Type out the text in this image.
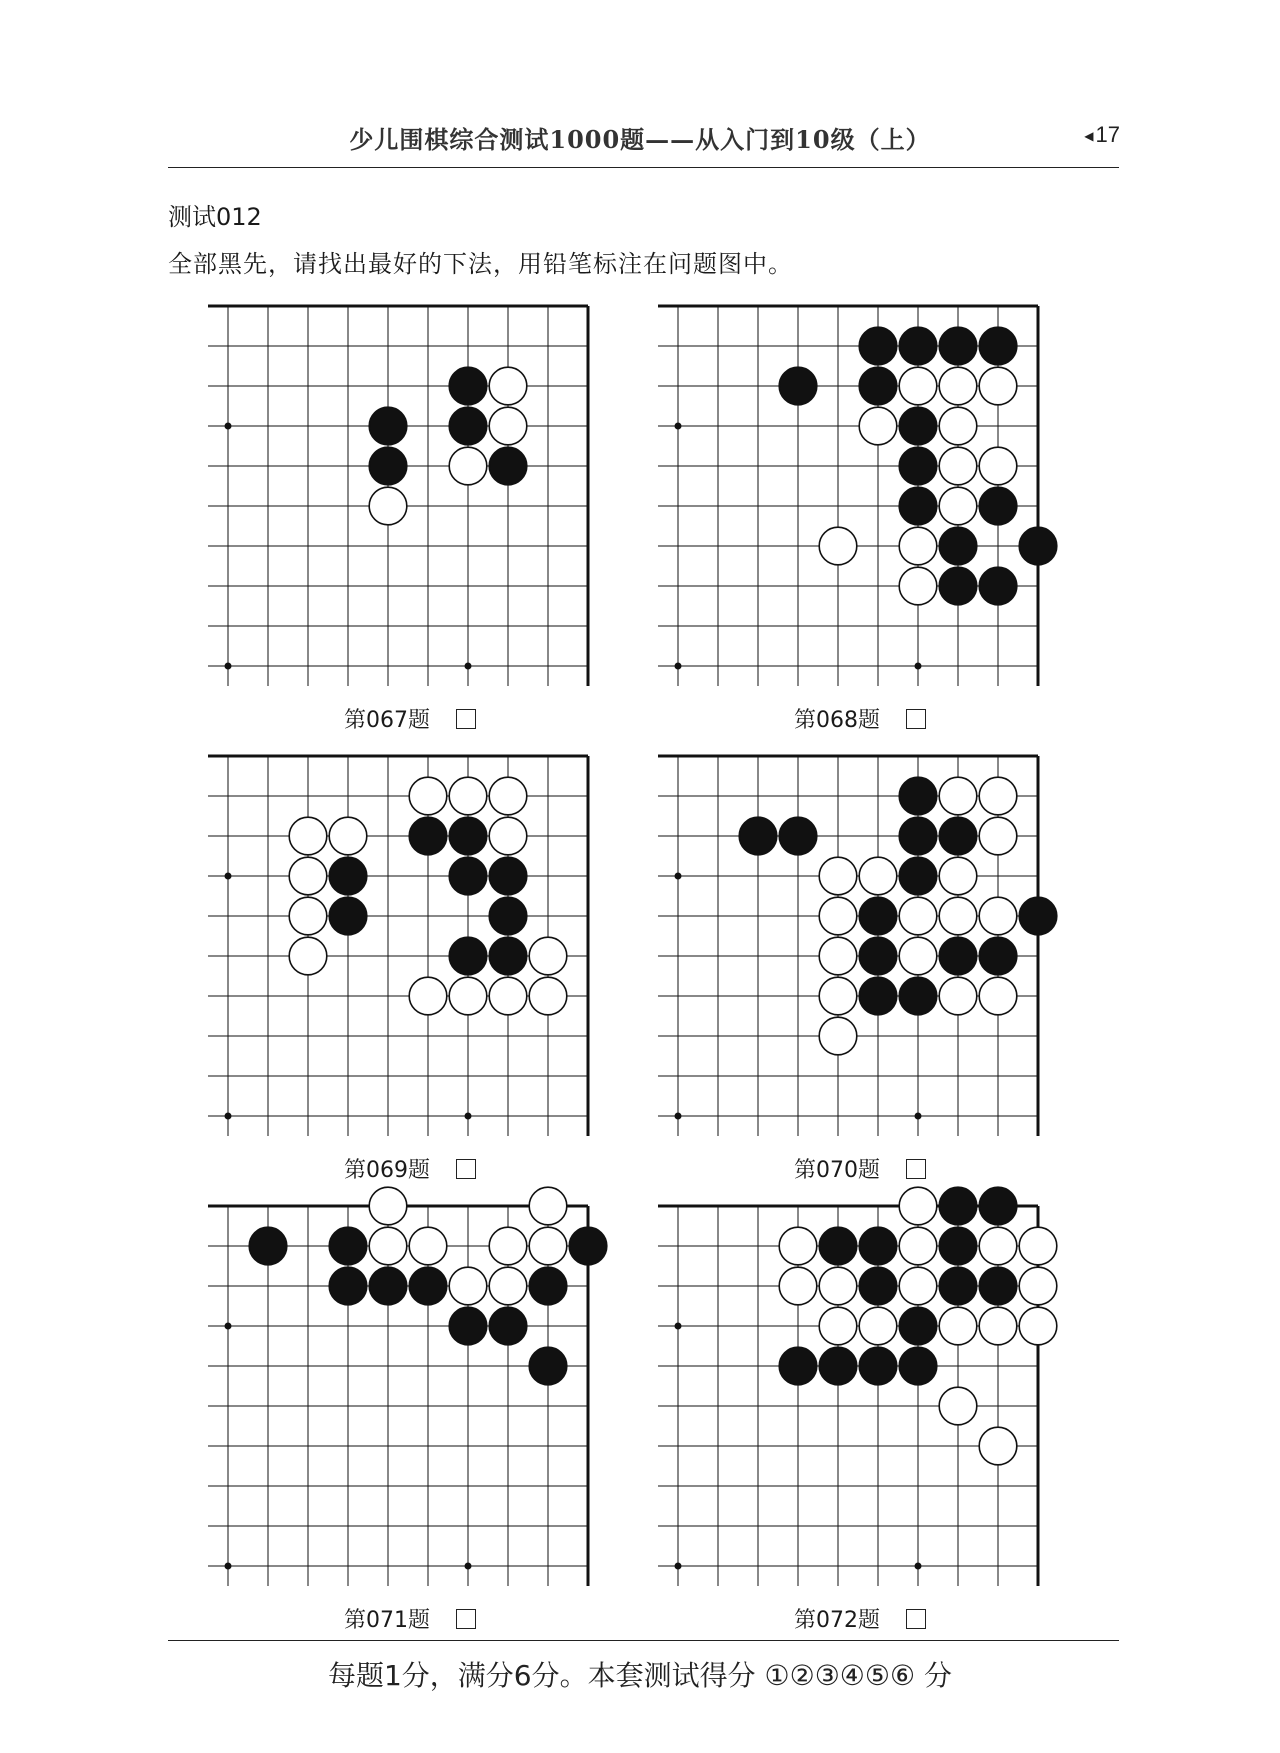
少儿围棋综合测试1000题——从入门到10级（上）	◀17
测试012
全部黑先，请找出最好的下法，用铅笔标注在问题图中。
第067题	第068题
第069题	第070题
第071题	第072题
每题1分，满分6分。本套测试得分 ①②③④⑤⑥ 分
